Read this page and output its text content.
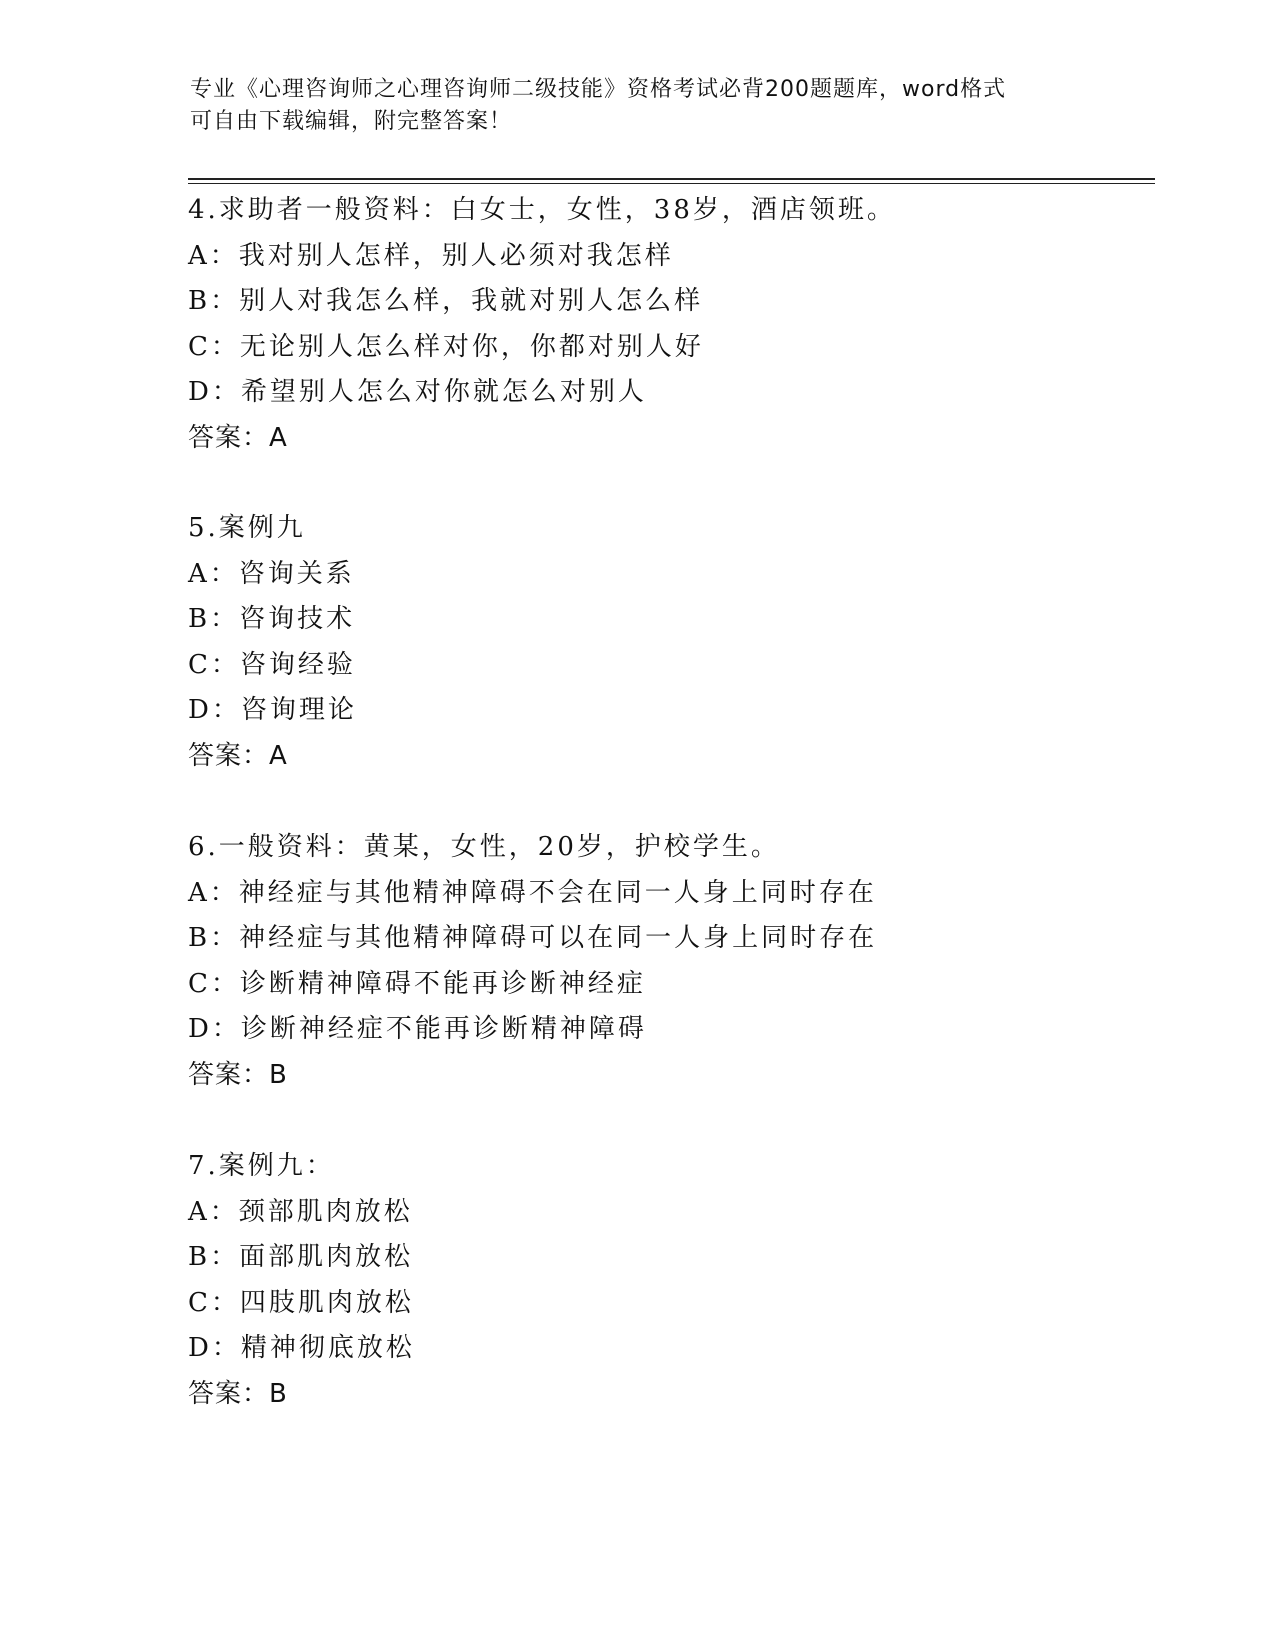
专业《心理咨询师之心理咨询师二级技能》资格考试必背200题题库，word格式
可自由下载编辑，附完整答案！
4.求助者一般资料：白女士，女性，38岁，酒店领班。
A：我对别人怎样，别人必须对我怎样
B：别人对我怎么样，我就对别人怎么样
C：无论别人怎么样对你，你都对别人好
D：希望别人怎么对你就怎么对别人
答案：A
5.案例九
A：咨询关系
B：咨询技术
C：咨询经验
D：咨询理论
答案：A
6.一般资料：黄某，女性，20岁，护校学生。
A：神经症与其他精神障碍不会在同一人身上同时存在
B：神经症与其他精神障碍可以在同一人身上同时存在
C：诊断精神障碍不能再诊断神经症
D：诊断神经症不能再诊断精神障碍
答案：B
7.案例九：
A：颈部肌肉放松
B：面部肌肉放松
C：四肢肌肉放松
D：精神彻底放松
答案：B
